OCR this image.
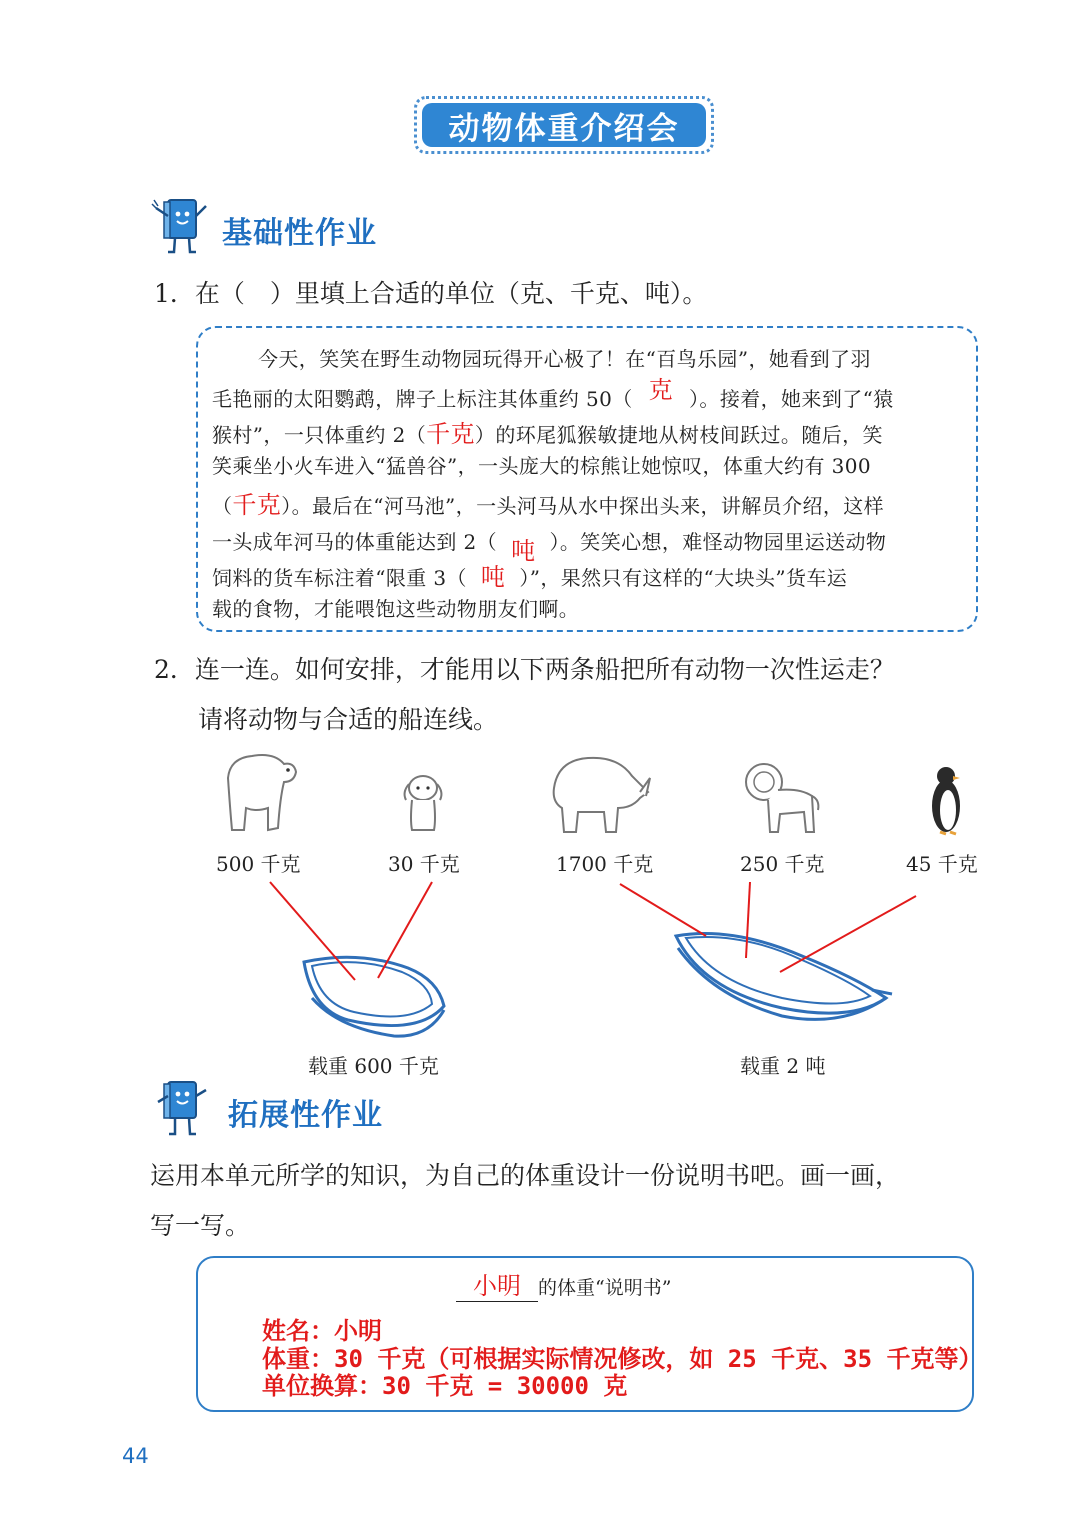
动物体重介绍会
基础性作业
1．在（　）里填上合适的单位（克、千克、吨）。
今天，笑笑在野生动物园玩得开心极了！在“百鸟乐园”，她看到了羽
毛艳丽的太阳鹦鹉，牌子上标注其体重约 50（ 克 ）。接着，她来到了“猿
猴村”，一只体重约 2（千克）的环尾狐猴敏捷地从树枝间跃过。随后，笑
笑乘坐小火车进入“猛兽谷”，一头庞大的棕熊让她惊叹，体重大约有 300
（千克）。最后在“河马池”，一头河马从水中探出头来，讲解员介绍，这样
一头成年河马的体重能达到 2（ 吨 ）。笑笑心想，难怪动物园里运送动物
饲料的货车标注着“限重 3（ 吨 ）”，果然只有这样的“大块头”货车运
载的食物，才能喂饱这些动物朋友们啊。
2．连一连。如何安排，才能用以下两条船把所有动物一次性运走？
请将动物与合适的船连线。
500 千克	30 千克	1700 千克	250 千克	45 千克
载重 600 千克	载重 2 吨
拓展性作业
运用本单元所学的知识，为自己的体重设计一份说明书吧。画一画，
写一写。
小明 的体重“说明书”
姓名：小明
体重：30 千克（可根据实际情况修改，如 25 千克、35 千克等）
单位换算：30 千克 = 30000 克
44
